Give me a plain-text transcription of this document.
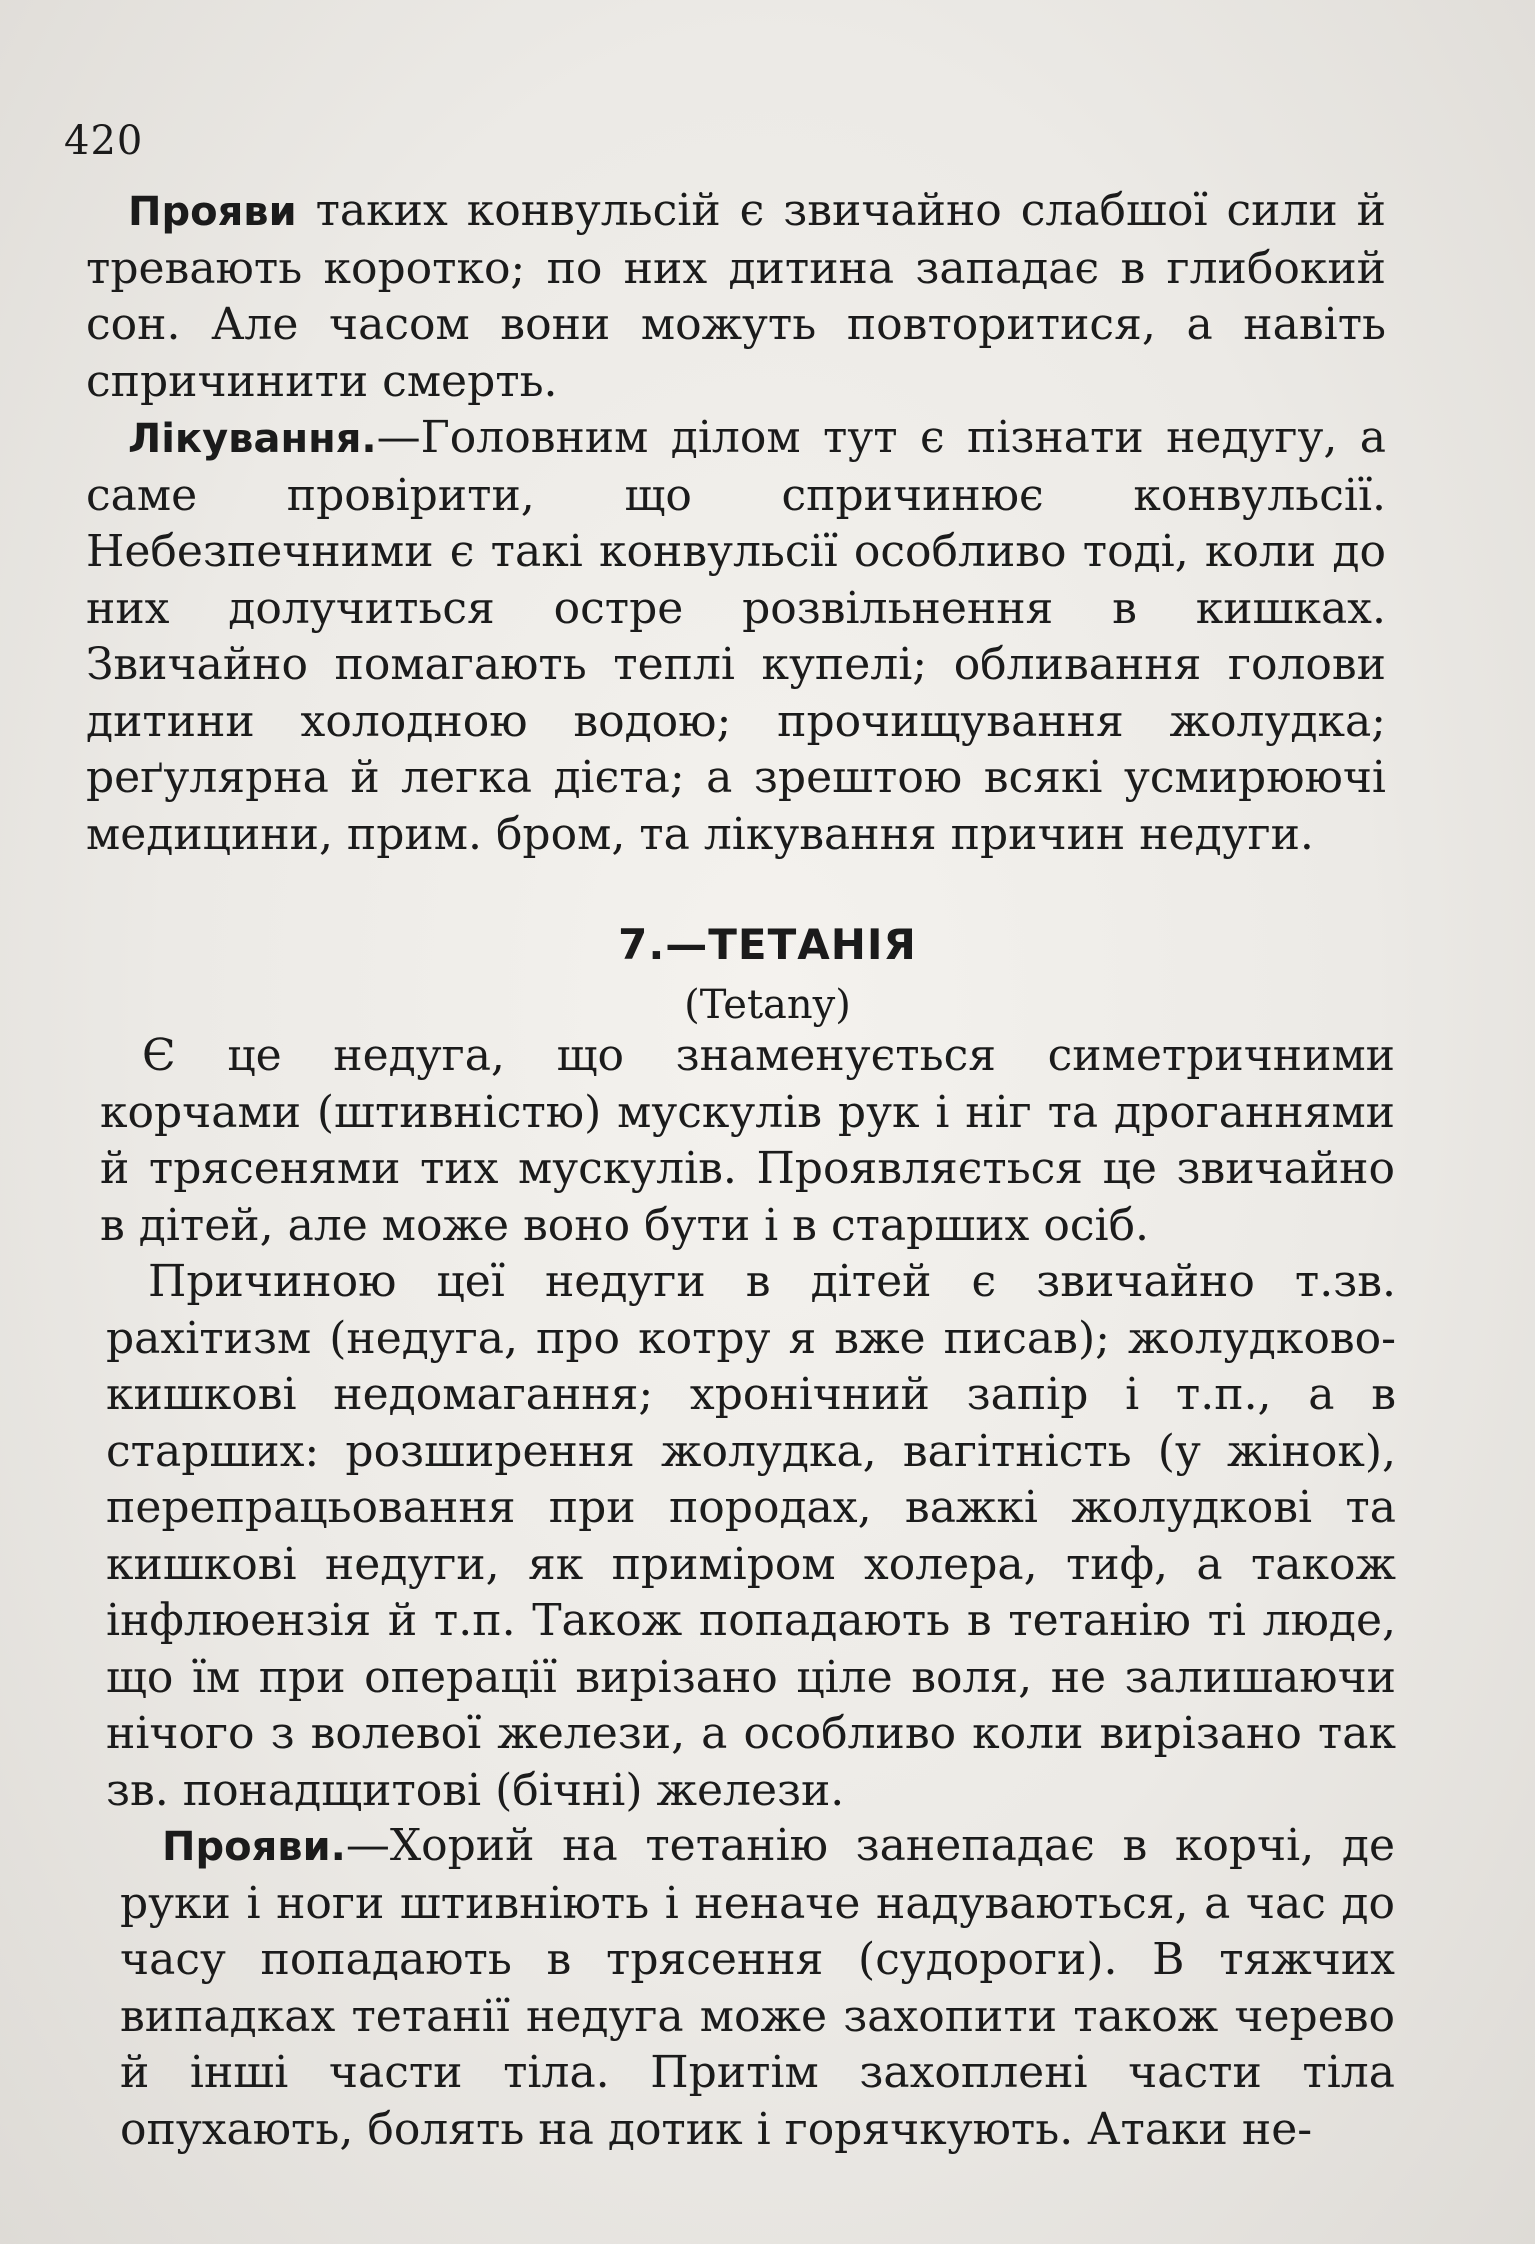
420

Прояви таких конвульсій є звичайно слабшої сили й тревають коротко; по них дитина западає в глибокий сон. Але часом вони можуть повторитися, а навіть спричинити смерть.

Лікування.—Головним ділом тут є пізнати недугу, а саме провірити, що спричинює конвульсії. Небезпечними є такі конвульсії особливо тоді, коли до них долучиться остре розвільнення в кишках. Звичайно помагають теплі купелі; обливання голови дитини холодною водою; прочищування жолудка; реґулярна й легка дієта; а зрештою всякі усмирюючі медицини, прим. бром, та лікування причин недуги.

7.—ТЕТАНІЯ
(Tetany)

Є це недуга, що знаменується симетричними корчами (штивністю) мускулів рук і ніг та дроганнями й трясенями тих мускулів. Проявляється це звичайно в дітей, але може воно бути і в старших осіб.

Причиною цеї недуги в дітей є звичайно т.зв. рахітизм (недуга, про котру я вже писав); жолудково-кишкові недомагання; хронічний запір і т.п., а в старших: розширення жолудка, вагітність (у жінок), перепрацьовання при породах, важкі жолудкові та кишкові недуги, як приміром холера, тиф, а також інфлюензія й т.п. Також попадають в тетанію ті люде, що їм при операції вирізано ціле воля, не залишаючи нічого з волевої желези, а особливо коли вирізано так зв. понадщитові (бічні) желези.

Прояви.—Хорий на тетанію занепадає в корчі, де руки і ноги штивніють і неначе надуваються, а час до часу попадають в трясення (судороги). В тяжчих випадках тетанії недуга може захопити також черево й інші части тіла. Притім захоплені части тіла опухають, болять на дотик і горячкують. Атаки не-
